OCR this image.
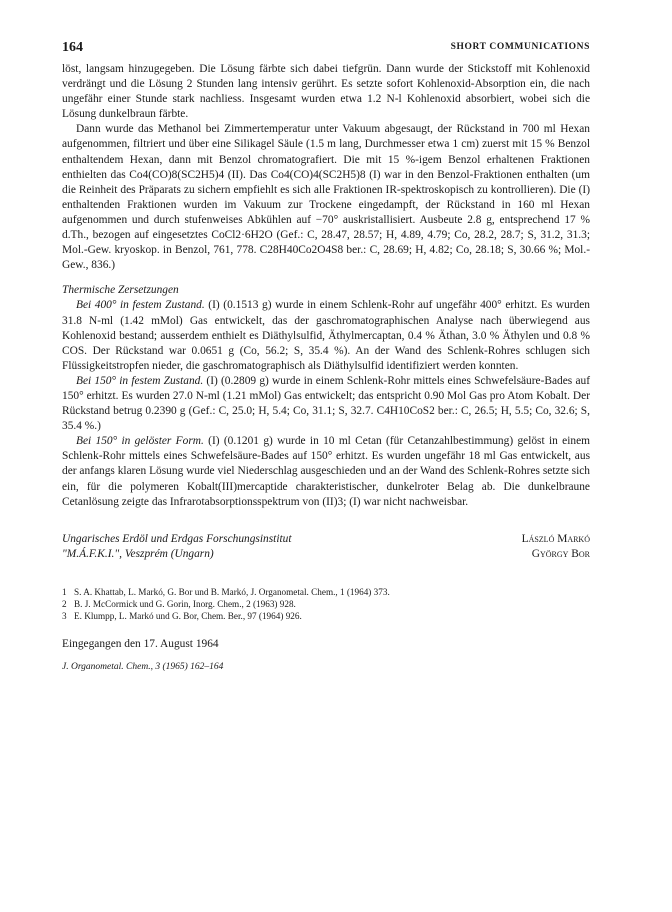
164	SHORT COMMUNICATIONS

löst, langsam hinzugegeben. Die Lösung färbte sich dabei tiefgrün. Dann wurde der Stickstoff mit Kohlenoxid verdrängt und die Lösung 2 Stunden lang intensiv gerührt. Es setzte sofort Kohlenoxid-Absorption ein, die nach ungefähr einer Stunde stark nachliess. Insgesamt wurden etwa 1.2 N-l Kohlenoxid absorbiert, wobei sich die Lösung dunkelbraun färbte.

Dann wurde das Methanol bei Zimmertemperatur unter Vakuum abgesaugt, der Rückstand in 700 ml Hexan aufgenommen, filtriert und über eine Silikagel Säule (1.5 m lang, Durchmesser etwa 1 cm) zuerst mit 15 % Benzol enthaltendem Hexan, dann mit Benzol chromatografiert. Die mit 15 %-igem Benzol erhaltenen Fraktionen enthielten das Co4(CO)8(SC2H5)4 (II). Das Co4(CO)4(SC2H5)8 (I) war in den Benzol-Fraktionen enthalten (um die Reinheit des Präparats zu sichern empfiehlt es sich alle Fraktionen IR-spektroskopisch zu kontrollieren). Die (I) enthaltenden Fraktionen wurden im Vakuum zur Trockene eingedampft, der Rückstand in 160 ml Hexan aufgenommen und durch stufenweises Abkühlen auf −70° auskristallisiert. Ausbeute 2.8 g, entsprechend 17 % d.Th., bezogen auf eingesetztes CoCl2·6H2O (Gef.: C, 28.47, 28.57; H, 4.89, 4.79; Co, 28.2, 28.7; S, 31.2, 31.3; Mol.-Gew. kryoskop. in Benzol, 761, 778. C28H40Co2O4S8 ber.: C, 28.69; H, 4.82; Co, 28.18; S, 30.66 %; Mol.-Gew., 836.)

Thermische Zersetzungen

Bei 400° in festem Zustand. (I) (0.1513 g) wurde in einem Schlenk-Rohr auf ungefähr 400° erhitzt. Es wurden 31.8 N-ml (1.42 mMol) Gas entwickelt, das der gaschromatographischen Analyse nach überwiegend aus Kohlenoxid bestand; ausserdem enthielt es Diäthylsulfid, Äthylmercaptan, 0.4 % Äthan, 3.0 % Äthylen und 0.8 % COS. Der Rückstand war 0.0651 g (Co, 56.2; S, 35.4 %). An der Wand des Schlenk-Rohres schlugen sich Flüssigkeitstropfen nieder, die gaschromatographisch als Diäthylsulfid identifiziert werden konnten.

Bei 150° in festem Zustand. (I) (0.2809 g) wurde in einem Schlenk-Rohr mittels eines Schwefelsäure-Bades auf 150° erhitzt. Es wurden 27.0 N-ml (1.21 mMol) Gas entwickelt; das entspricht 0.90 Mol Gas pro Atom Kobalt. Der Rückstand betrug 0.2390 g (Gef.: C, 25.0; H, 5.4; Co, 31.1; S, 32.7. C4H10CoS2 ber.: C, 26.5; H, 5.5; Co, 32.6; S, 35.4 %.)

Bei 150° in gelöster Form. (I) (0.1201 g) wurde in 10 ml Cetan (für Cetanzahlbestimmung) gelöst in einem Schlenk-Rohr mittels eines Schwefelsäure-Bades auf 150° erhitzt. Es wurden ungefähr 18 ml Gas entwickelt, aus der anfangs klaren Lösung wurde viel Niederschlag ausgeschieden und an der Wand des Schlenk-Rohres setzte sich ein, für die polymeren Kobalt(III)mercaptide charakteristischer, dunkelroter Belag ab. Die dunkelbraune Cetanlösung zeigte das Infrarotabsorptionsspektrum von (II)3; (I) war nicht nachweisbar.

Ungarisches Erdöl und Erdgas Forschungsinstitut
"M.Á.F.K.I.", Veszprém (Ungarn)
László Markó
György Bor
1 S. A. Khattab, L. Markó, G. Bor und B. Markó, J. Organometal. Chem., 1 (1964) 373.
2 B. J. McCormick und G. Gorin, Inorg. Chem., 2 (1963) 928.
3 E. Klumpp, L. Markó und G. Bor, Chem. Ber., 97 (1964) 926.
Eingegangen den 17. August 1964
J. Organometal. Chem., 3 (1965) 162–164
